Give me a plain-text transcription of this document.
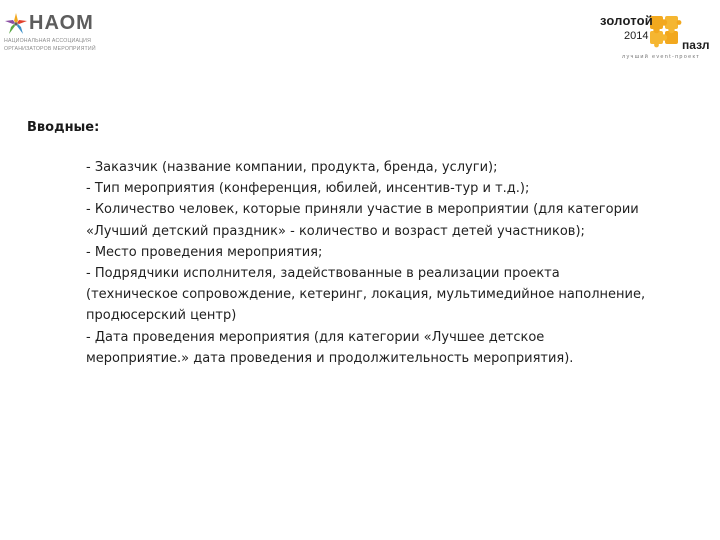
НАОМ
НАЦИОНАЛЬНАЯ АССОЦИАЦИЯ
ОРГАНИЗАТОРОВ МЕРОПРИЯТИЙ
золотой
2014
пазл
лучший event-проект
Вводные:
- Заказчик (название компании, продукта, бренда, услуги);
- Тип мероприятия (конференция, юбилей, инсентив-тур и т.д.);
- Количество человек, которые приняли участие в мероприятии (для категории «Лучший детский праздник» - количество и возраст детей участников);
- Место проведения мероприятия;
- Подрядчики исполнителя, задействованные в реализации проекта (техническое сопровождение, кетеринг, локация, мультимедийное наполнение, продюсерский центр)
- Дата проведения мероприятия (для категории «Лучшее детское мероприятие.» дата проведения и продолжительность мероприятия).
